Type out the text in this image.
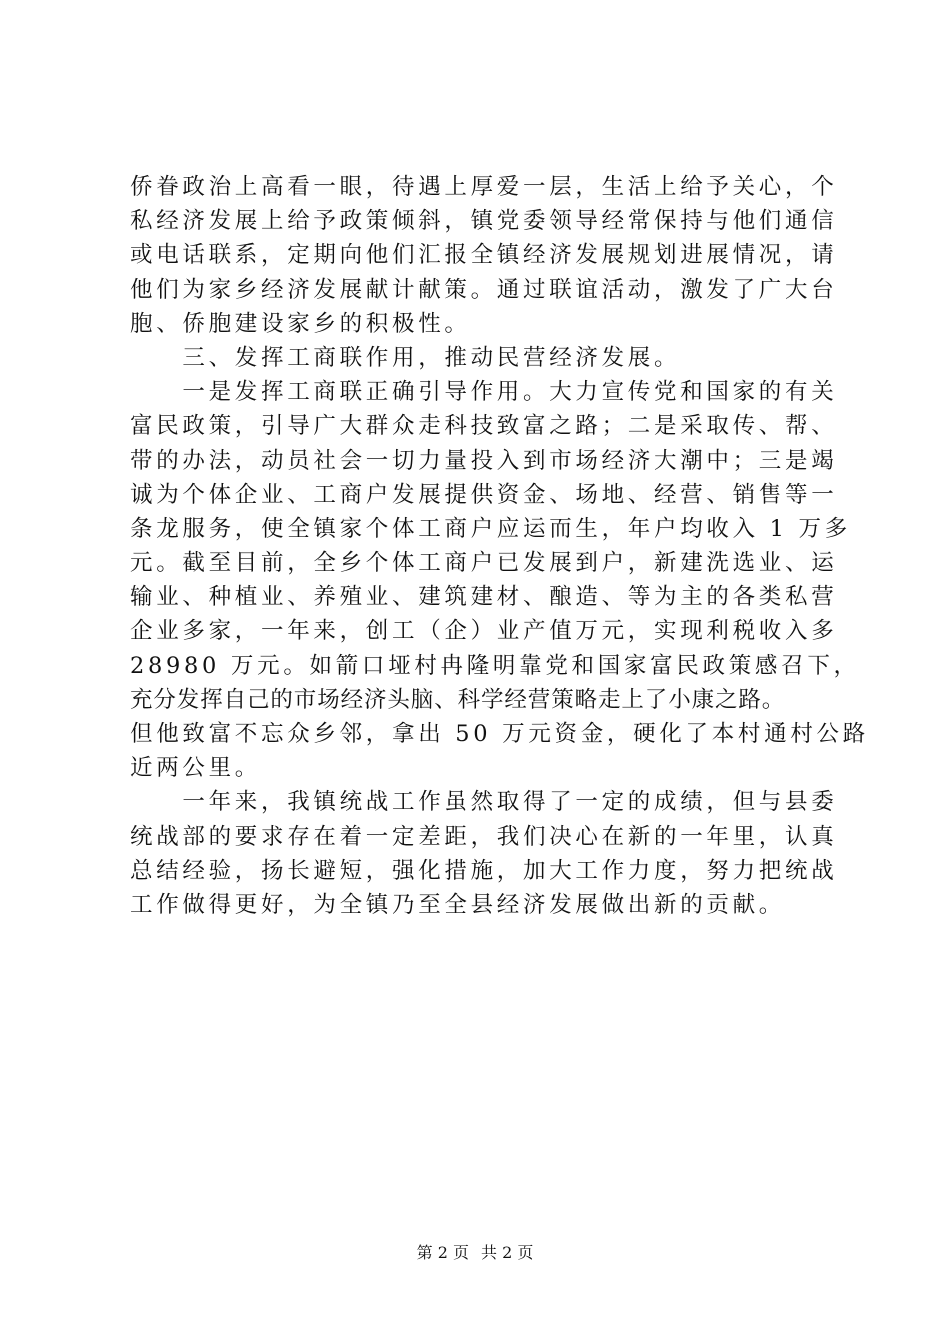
侨眷政治上高看一眼，待遇上厚爱一层，生活上给予关心，个
私经济发展上给予政策倾斜，镇党委领导经常保持与他们通信
或电话联系，定期向他们汇报全镇经济发展规划进展情况，请
他们为家乡经济发展献计献策。通过联谊活动，激发了广大台
胞、侨胞建设家乡的积极性。
　　三、发挥工商联作用，推动民营经济发展。
　　一是发挥工商联正确引导作用。大力宣传党和国家的有关
富民政策，引导广大群众走科技致富之路；二是采取传、帮、
带的办法，动员社会一切力量投入到市场经济大潮中；三是竭
诚为个体企业、工商户发展提供资金、场地、经营、销售等一
条龙服务，使全镇家个体工商户应运而生，年户均收入 1 万多
元。截至目前，全乡个体工商户已发展到户，新建洗选业、运
输业、种植业、养殖业、建筑建材、酿造、等为主的各类私营
企业多家，一年来，创工（企）业产值万元，实现利税收入多
28980 万元。如箭口垭村冉隆明靠党和国家富民政策感召下，
充分发挥自己的市场经济头脑、科学经营策略走上了小康之路。
但他致富不忘众乡邻，拿出 50 万元资金，硬化了本村通村公路
近两公里。
　　一年来，我镇统战工作虽然取得了一定的成绩，但与县委
统战部的要求存在着一定差距，我们决心在新的一年里，认真
总结经验，扬长避短，强化措施，加大工作力度，努力把统战
工作做得更好，为全镇乃至全县经济发展做出新的贡献。
第 2 页 共 2 页
